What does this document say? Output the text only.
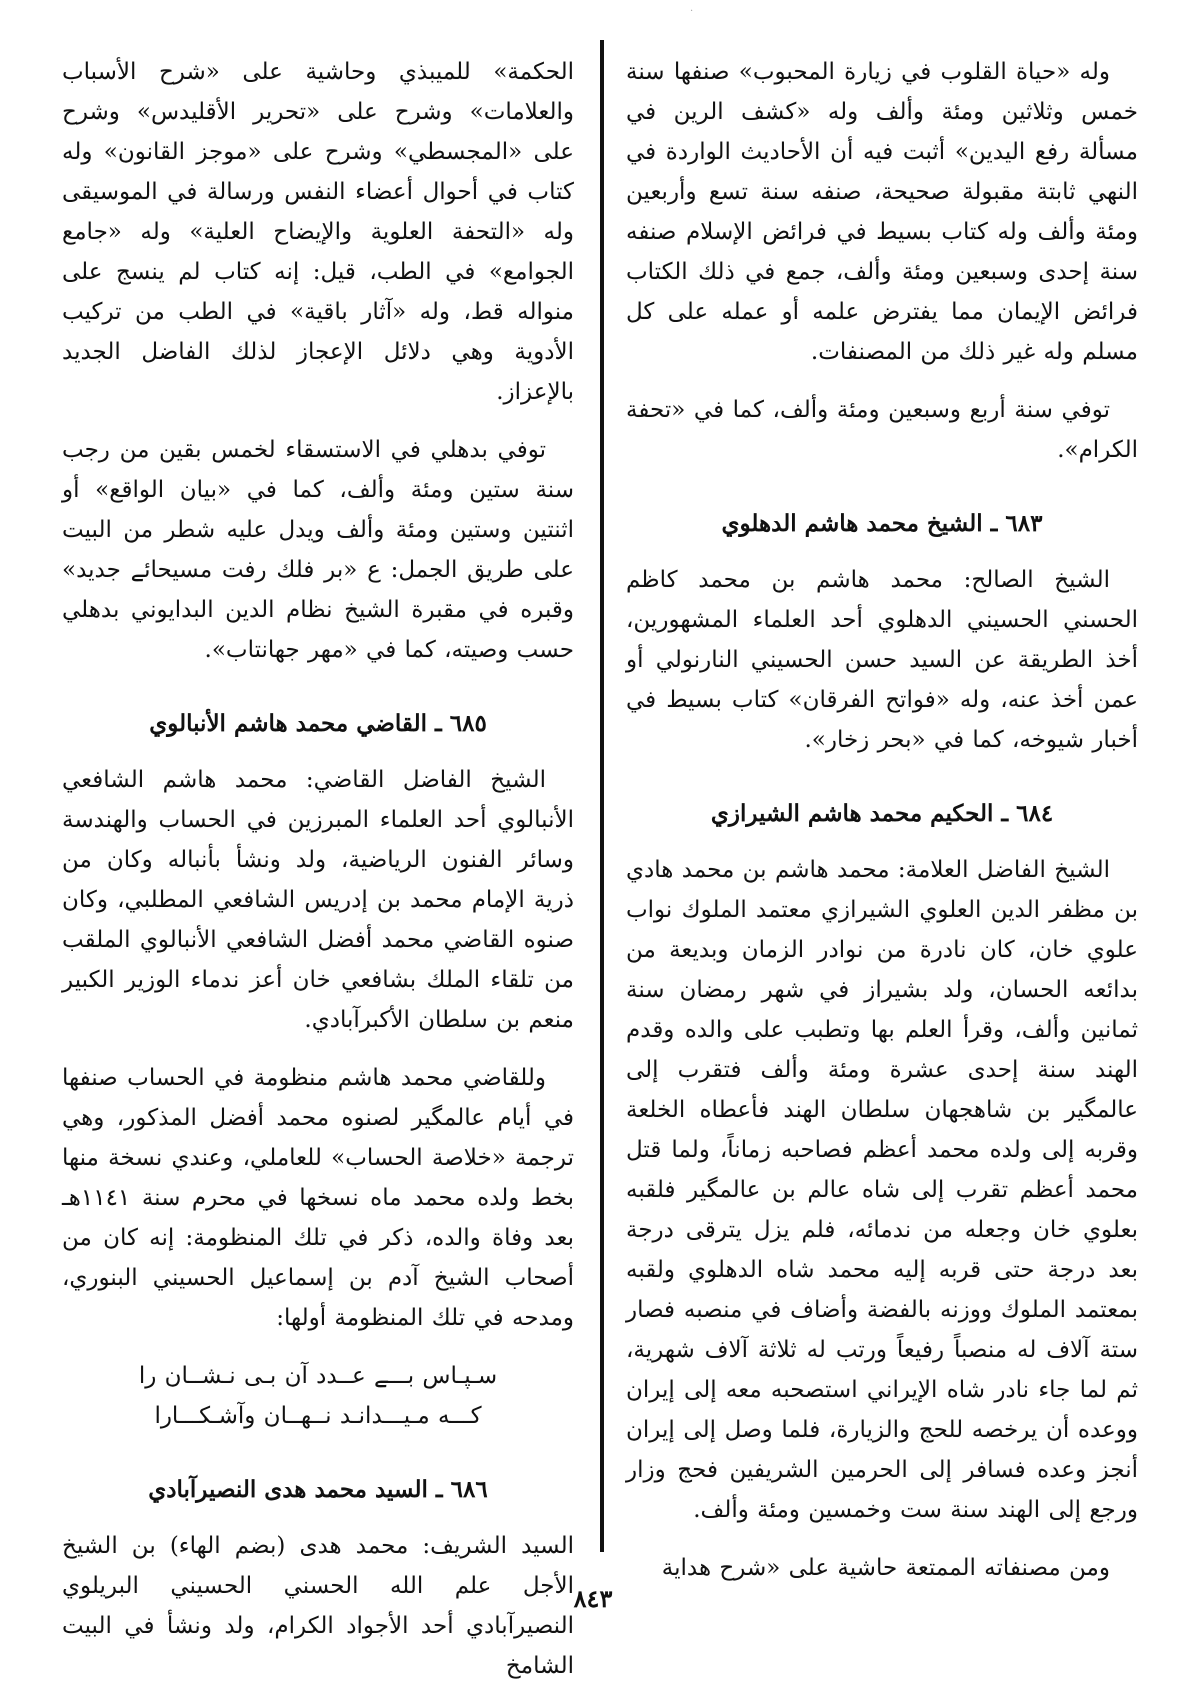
·

وله «حياة القلوب في زيارة المحبوب» صنفها سنة خمس وثلاثين ومئة وألف وله «كشف الرين في مسألة رفع اليدين» أثبت فيه أن الأحاديث الواردة في النهي ثابتة مقبولة صحيحة، صنفه سنة تسع وأربعين ومئة وألف وله كتاب بسيط في فرائض الإسلام صنفه سنة إحدى وسبعين ومئة وألف، جمع في ذلك الكتاب فرائض الإيمان مما يفترض علمه أو عمله على كل مسلم وله غير ذلك من المصنفات.

توفي سنة أربع وسبعين ومئة وألف، كما في «تحفة الكرام».

٦٨٣ ـ الشيخ محمد هاشم الدهلوي

الشيخ الصالح: محمد هاشم بن محمد كاظم الحسني الحسيني الدهلوي أحد العلماء المشهورين، أخذ الطريقة عن السيد حسن الحسيني النارنولي أو عمن أخذ عنه، وله «فواتح الفرقان» كتاب بسيط في أخبار شيوخه، كما في «بحر زخار».

٦٨٤ ـ الحكيم محمد هاشم الشيرازي

الشيخ الفاضل العلامة: محمد هاشم بن محمد هادي بن مظفر الدين العلوي الشيرازي معتمد الملوك نواب علوي خان، كان نادرة من نوادر الزمان وبديعة من بدائعه الحسان، ولد بشيراز في شهر رمضان سنة ثمانين وألف، وقرأ العلم بها وتطبب على والده وقدم الهند سنة إحدى عشرة ومئة وألف فتقرب إلى عالمگير بن شاهجهان سلطان الهند فأعطاه الخلعة وقربه إلى ولده محمد أعظم فصاحبه زماناً، ولما قتل محمد أعظم تقرب إلى شاه عالم بن عالمگير فلقبه بعلوي خان وجعله من ندمائه، فلم يزل يترقى درجة بعد درجة حتى قربه إليه محمد شاه الدهلوي ولقبه بمعتمد الملوك ووزنه بالفضة وأضاف في منصبه فصار ستة آلاف له منصباً رفيعاً ورتب له ثلاثة آلاف شهرية، ثم لما جاء نادر شاه الإيراني استصحبه معه إلى إيران ووعده أن يرخصه للحج والزيارة، فلما وصل إلى إيران أنجز وعده فسافر إلى الحرمين الشريفين فحج وزار ورجع إلى الهند سنة ست وخمسين ومئة وألف.

ومن مصنفاته الممتعة حاشية على «شرح هداية

الحكمة» للميبذي وحاشية على «شرح الأسباب والعلامات» وشرح على «تحرير الأقليدس» وشرح على «المجسطي» وشرح على «موجز القانون» وله كتاب في أحوال أعضاء النفس ورسالة في الموسيقى وله «التحفة العلوية والإيضاح العلية» وله «جامع الجوامع» في الطب، قيل: إنه كتاب لم ينسج على منواله قط، وله «آثار باقية» في الطب من تركيب الأدوية وهي دلائل الإعجاز لذلك الفاضل الجديد بالإعزاز.

توفي بدهلي في الاستسقاء لخمس بقين من رجب سنة ستين ومئة وألف، كما في «بيان الواقع» أو اثنتين وستين ومئة وألف ويدل عليه شطر من البيت على طريق الجمل: ع «بر فلك رفت مسيحائے جديد» وقبره في مقبرة الشيخ نظام الدين البدايوني بدهلي حسب وصيته، كما في «مهر جهانتاب».

٦٨٥ ـ القاضي محمد هاشم الأنبالوي

الشيخ الفاضل القاضي: محمد هاشم الشافعي الأنبالوي أحد العلماء المبرزين في الحساب والهندسة وسائر الفنون الرياضية، ولد ونشأ بأنباله وكان من ذرية الإمام محمد بن إدريس الشافعي المطلبي، وكان صنوه القاضي محمد أفضل الشافعي الأنبالوي الملقب من تلقاء الملك بشافعي خان أعز ندماء الوزير الكبير منعم بن سلطان الأكبرآبادي.

وللقاضي محمد هاشم منظومة في الحساب صنفها في أيام عالمگير لصنوه محمد أفضل المذكور، وهي ترجمة «خلاصة الحساب» للعاملي، وعندي نسخة منها بخط ولده محمد ماه نسخها في محرم سنة ١١٤١هـ بعد وفاة والده، ذكر في تلك المنظومة: إنه كان من أصحاب الشيخ آدم بن إسماعيل الحسيني البنوري، ومدحه في تلك المنظومة أولها:

سـپـاس بـــے عــدد آن بـی نـشــان را

كـــه مـيـــدانـد نــهــان وآشـكـــارا

٦٨٦ ـ السيد محمد هدى النصيرآبادي

السيد الشريف: محمد هدى (بضم الهاء) بن الشيخ الأجل علم الله الحسني الحسيني البريلوي النصيرآبادي أحد الأجواد الكرام، ولد ونشأ في البيت الشامخ

٨٤٣
